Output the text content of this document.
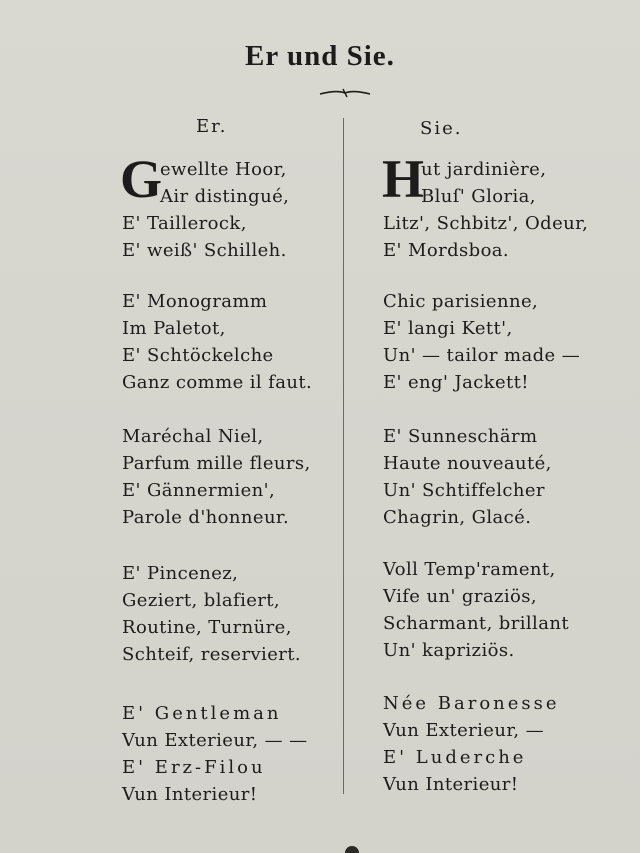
Er und Sie.
Er.	Sie.
G
ewellte Hoor,
Air distingué,
E' Taillerock,
E' weiß' Schilleh.
E' Monogramm
Im Paletot,
E' Schtöckelche
Ganz comme il faut.
Maréchal Niel,
Parfum mille fleurs,
E' Gännermien',
Parole d'honneur.
E' Pincenez,
Geziert, blafiert,
Routine, Turnüre,
Schteif, reserviert.
E' Gentleman
Vun Exterieur, — —
E' Erz-Filou
Vun Interieur!
H
ut jardinière,
Bluſ' Gloria,
Litz', Schbitz', Odeur,
E' Mordsboa.
Chic parisienne,
E' langi Kett',
Un' — tailor made —
E' eng' Jackett!
E' Sunneschärm
Haute nouveauté,
Un' Schtiffelcher
Chagrin, Glacé.
Voll Temp'rament,
Vife un' graziös,
Scharmant, brillant
Un' kapriziös.
Née Baronesse
Vun Exterieur, —
E' Luderche
Vun Interieur!
